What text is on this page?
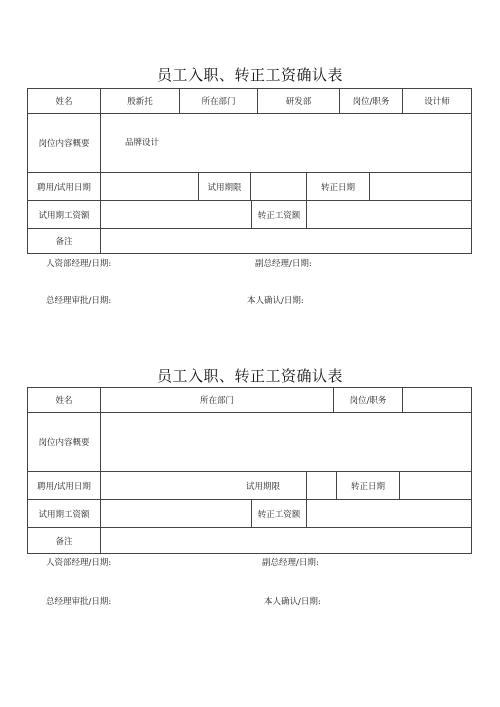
员工入职、转正工资确认表
姓名	殷新托	所在部门	研发部	岗位/职务	设计师
岗位内容概要	品牌设计
聘用/试用日期	试用期限	转正日期
试用期工资额	转正工资额
备注
人资部经理/日期:	副总经理/日期:
总经理审批/日期:	本人确认/日期:
员工入职、转正工资确认表
姓名	所在部门	岗位/职务
岗位内容概要
聘用/试用日期	试用期限	转正日期
试用期工资额	转正工资额
备注
人资部经理/日期:	副总经理/日期:
总经理审批/日期:	本人确认/日期:
